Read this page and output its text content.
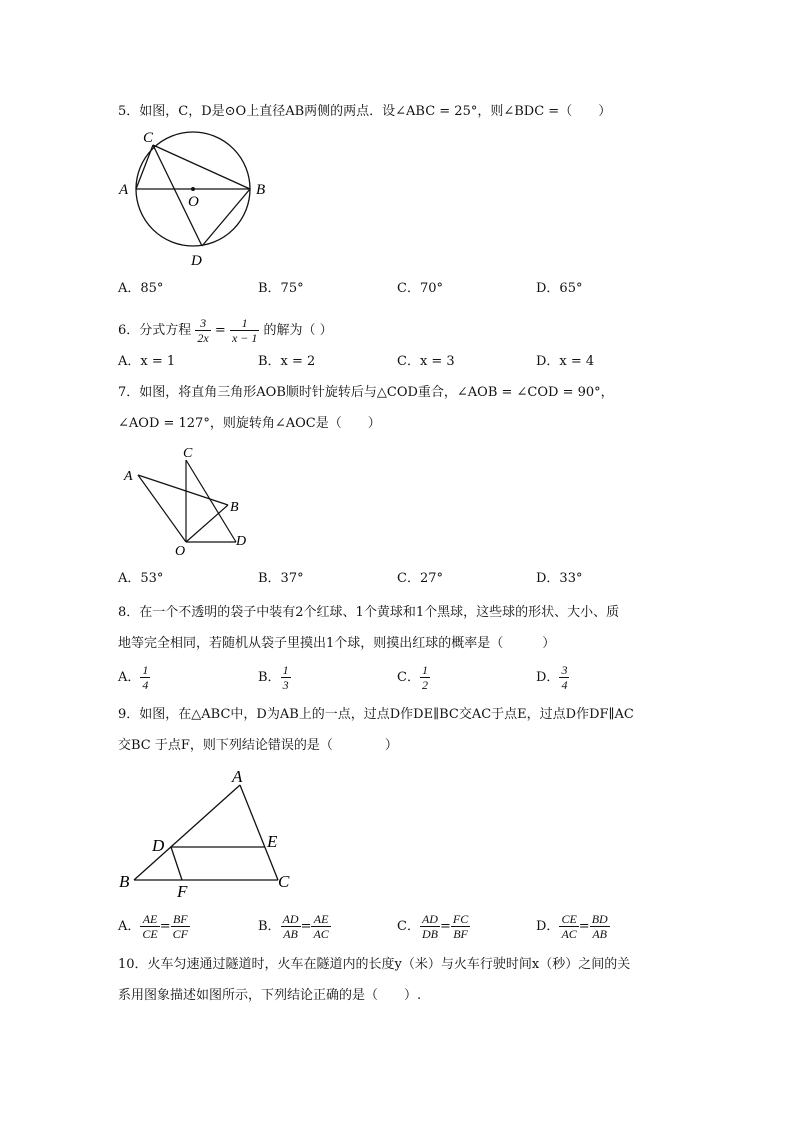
5．如图，C，D是⊙O上直径AB两侧的两点．设∠ABC = 25°，则∠BDC =（　　）
C
A
O
B
D
A．85°	B．75°	C．70°	D．65°
6．分式方程 $\frac{3}{2x} = \frac{1}{x - 1}$ 的解为（ ）
A．x = 1	B．x = 2	C．x = 3	D．x = 4
7．如图，将直角三角形AOB顺时针旋转后与△COD重合，∠AOB = ∠COD = 90°，
∠AOD = 127°，则旋转角∠AOC是（　　）
C
A
B
O
D
A．53°	B．37°	C．27°	D．33°
8．在一个不透明的袋子中装有2个红球、1个黄球和1个黑球，这些球的形状、大小、质
地等完全相同，若随机从袋子里摸出1个球，则摸出红球的概率是（　　　）
A． $\frac{1}{4}$	B． $\frac{1}{3}$	C． $\frac{1}{2}$	D． $\frac{3}{4}$
9．如图，在△ABC中，D为AB上的一点，过点D作DE∥BC交AC于点E，过点D作DF∥AC
交BC 于点F，则下列结论错误的是（　　　　）
A
D	E
B
F
C
A． $\frac{AE}{CE} = \frac{BF}{CF}$	B． $\frac{AD}{AB} = \frac{AE}{AC}$	C． $\frac{AD}{DB} = \frac{FC}{BF}$	D． $\frac{CE}{AC} = \frac{BD}{AB}$
10．火车匀速通过隧道时，火车在隧道内的长度y（米）与火车行驶时间x（秒）之间的关
系用图象描述如图所示，下列结论正确的是（　　）.
